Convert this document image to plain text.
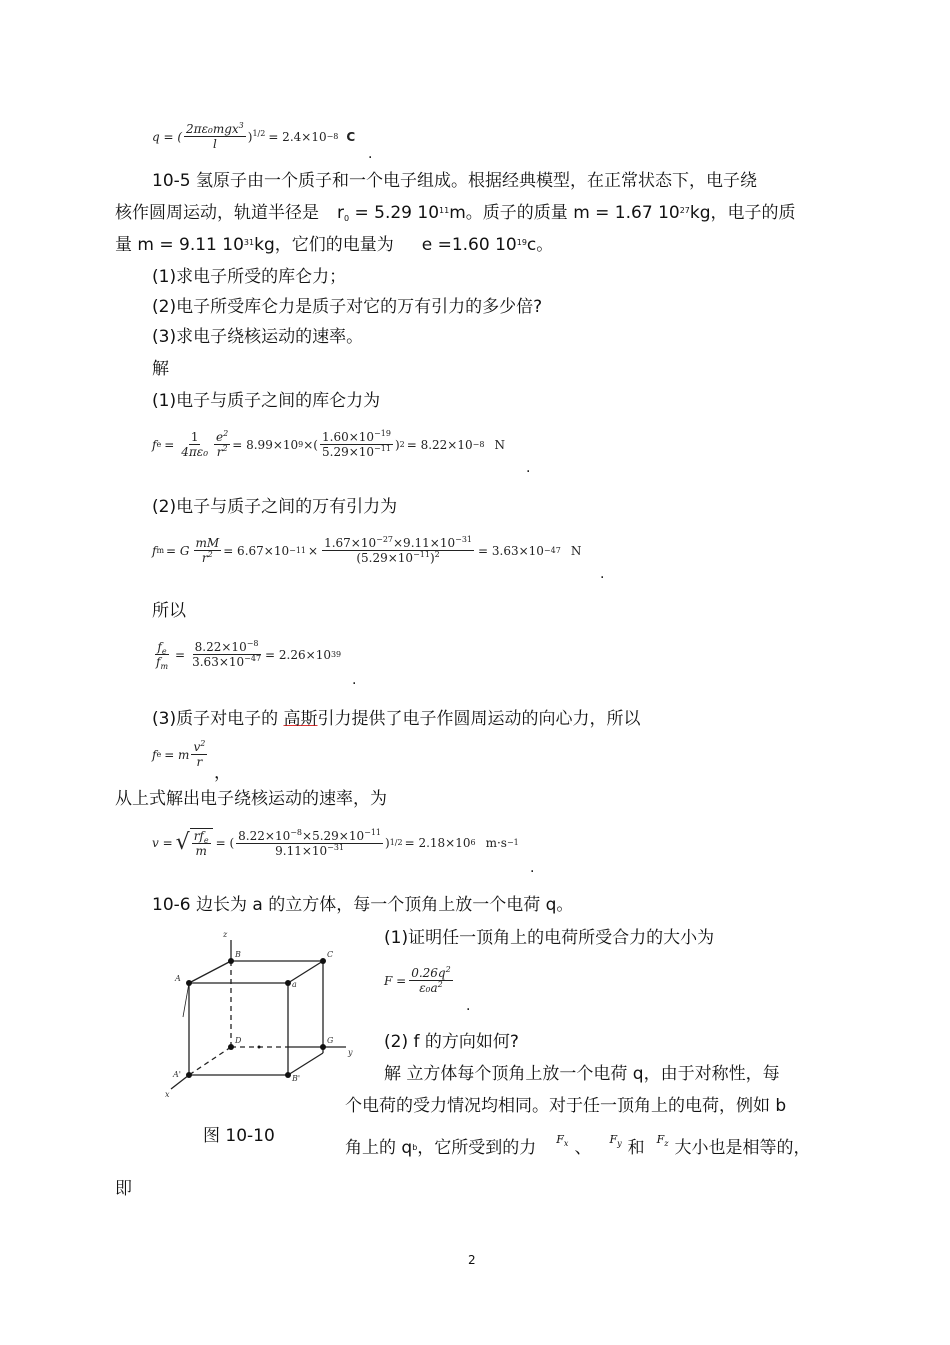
q = ( $\frac{2\pi\varepsilon_0mgx^3}{l} )^{1/2} = 2.4\times 10 -8$ C
.
10-5 氢原子由一个质子和一个电子组成。根据经典模型，在正常状态下，电子绕
核作圆周运动，轨道半径是 $r_0 = 5.29$ $10^{11}m$。质子的质量 m = 1.67 $10^{27}kg$，电子的质
量 m = 9.11 $10^{31}kg$，它们的电量为 e =1.60 $10^{19}c$。
(1)求电子所受的库仑力；
(2)电子所受库仑力是质子对它的万有引力的多少倍?
(3)求电子绕核运动的速率。
解
(1)电子与质子之间的库仑力为
f $e = \frac{1}{\text{4πε₀}} \frac{e^2}{r^2} = 8.99\times 10$ 9 ×( $\frac{1.60\times 10^{-19}}{5.29\times 10^{-11}}$ ) 2 = 8.22×10 −8 N
.
(2)电子与质子之间的万有引力为
f m = G $\frac{mM}{r^2} = 6.67\times 10 -11 \times \frac{1.67\times 10^{-27}\times 9.11\times 10^{-31}}{(5.29\times 10^{-11})^2} = 3.63\times 10 -47$ N
.
所以
$\frac{f_e}{f_m} = \frac{8.22\times 10^{-8}}{3.63\times 10^{-47}} = 2.26\times 10$ 39
.
(3)质子对电子的 高斯引力提供了电子作圆周运动的向心力，所以
f e = m $\frac{v^2}{r}$
，
从上式解出电子绕核运动的速率，为
v = √ $\frac{rf_e}{m}$ = ( $\frac{8.22\times 10^{-8}\times 5.29\times 10^{-11}}{9.11\times 10^{-31}}$ ) 1/2 = 2.18×10 6 m·s −1
.
10-6 边长为 a 的立方体，每一个顶角上放一个电荷 q。
z
B	C
A
a
D	G
y
A'	B'
x
图 10-10
(1)证明任一顶角上的电荷所受合力的大小为
$F = \frac{0.26q^2}{\varepsilon_0a^2}$
.
(2) f 的方向如何?
解 立方体每个顶角上放一个电荷 q，由于对称性，每
个电荷的受力情况均相同。对于任一顶角上的电荷，例如 b
角上的 q b ，它所受到的力 $F_x$ 、 $F_y$ 和 $F_z$ 大小也是相等的，
即
2
